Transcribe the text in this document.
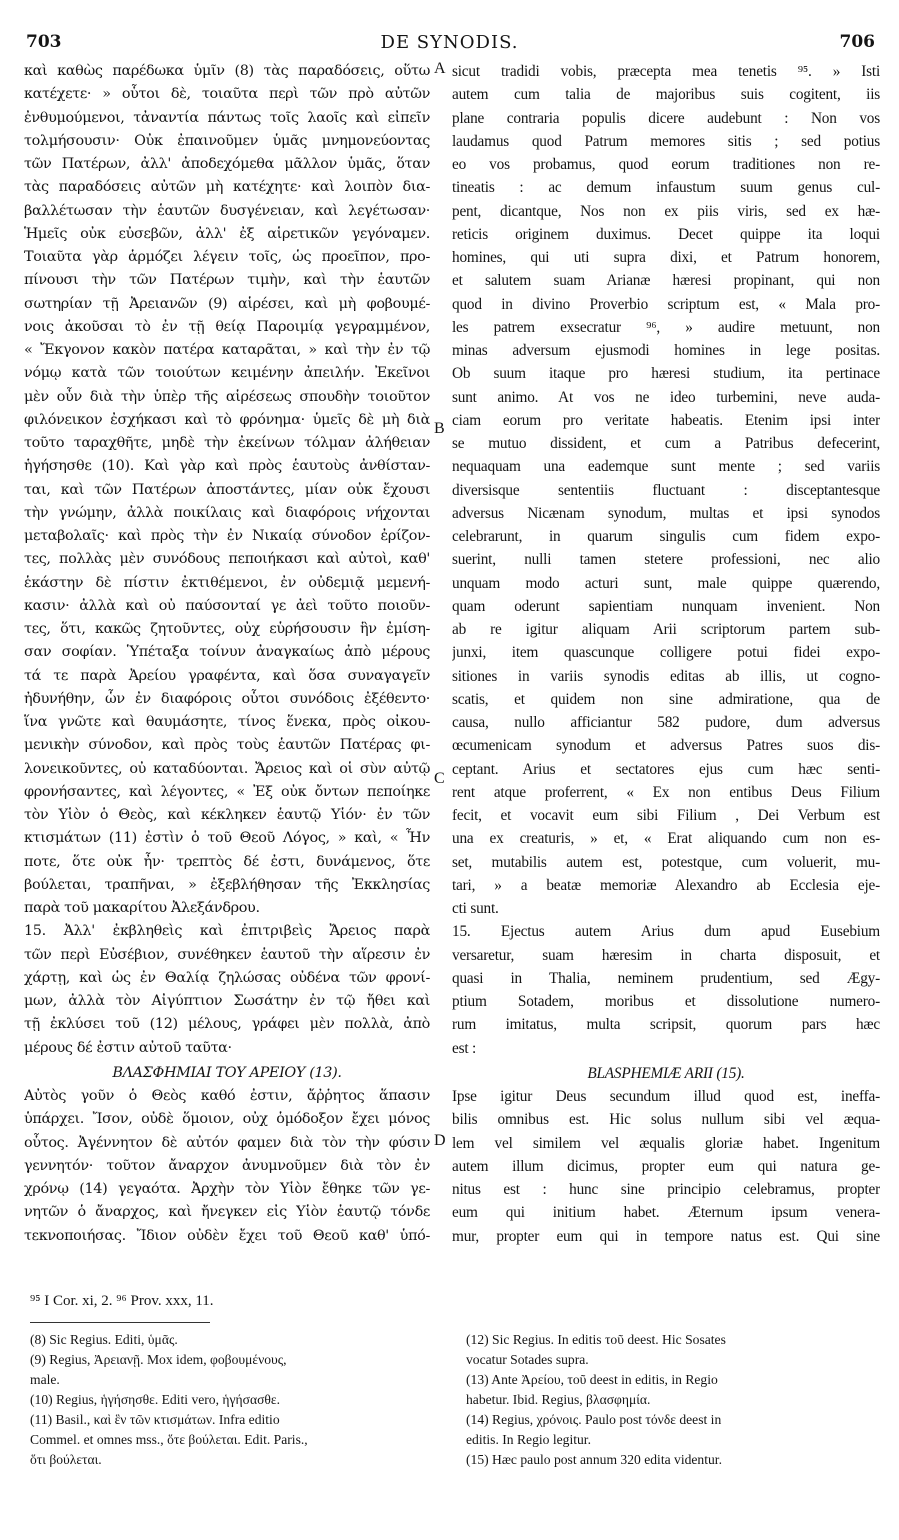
703	DE SYNODIS.	706
καὶ καθὼς παρέδωκα ὑμῖν (8) τὰς παραδόσεις, οὕτω
κατέχετε· » οὗτοι δὲ, τοιαῦτα περὶ τῶν πρὸ αὐτῶν
ἐνθυμούμενοι, τἀναντία πάντως τοῖς λαοῖς καὶ εἰπεῖν
τολμήσουσιν· Οὐκ ἐπαινοῦμεν ὑμᾶς μνημονεύοντας
τῶν Πατέρων, ἀλλ' ἀποδεχόμεθα μᾶλλον ὑμᾶς, ὅταν
τὰς παραδόσεις αὐτῶν μὴ κατέχητε· καὶ λοιπὸν δια-
βαλλέτωσαν τὴν ἑαυτῶν δυσγένειαν, καὶ λεγέτωσαν·
Ἡμεῖς οὐκ εὐσεβῶν, ἀλλ' ἐξ αἱρετικῶν γεγόναμεν.
Τοιαῦτα γὰρ ἁρμόζει λέγειν τοῖς, ὡς προεῖπον, προ-
πίνουσι τὴν τῶν Πατέρων τιμὴν, καὶ τὴν ἑαυτῶν
σωτηρίαν τῇ Ἀρειανῶν (9) αἱρέσει, καὶ μὴ φοβουμέ-
νοις ἀκοῦσαι τὸ ἐν τῇ θείᾳ Παροιμίᾳ γεγραμμένον,
« Ἔκγονον κακὸν πατέρα καταρᾶται, » καὶ τὴν ἐν τῷ
νόμῳ κατὰ τῶν τοιούτων κειμένην ἀπειλήν. Ἐκεῖνοι
μὲν οὖν διὰ τὴν ὑπὲρ τῆς αἱρέσεως σπουδὴν τοιοῦτον
φιλόνεικον ἐσχήκασι καὶ τὸ φρόνημα· ὑμεῖς δὲ μὴ διὰ
τοῦτο ταραχθῆτε, μηδὲ τὴν ἐκείνων τόλμαν ἀλήθειαν
ἡγήσησθε (10). Καὶ γὰρ καὶ πρὸς ἑαυτοὺς ἀνθίσταν-
ται, καὶ τῶν Πατέρων ἀποστάντες, μίαν οὐκ ἔχουσι
τὴν γνώμην, ἀλλὰ ποικίλαις καὶ διαφόροις νήχονται
μεταβολαῖς· καὶ πρὸς τὴν ἐν Νικαίᾳ σύνοδον ἐρίζον-
τες, πολλὰς μὲν συνόδους πεποιήκασι καὶ αὐτοὶ, καθ'
ἑκάστην δὲ πίστιν ἐκτιθέμενοι, ἐν οὐδεμιᾷ μεμενή-
κασιν· ἀλλὰ καὶ οὐ παύσονταί γε ἀεὶ τοῦτο ποιοῦν-
τες, ὅτι, κακῶς ζητοῦντες, οὐχ εὑρήσουσιν ἣν ἐμίση-
σαν σοφίαν. Ὑπέταξα τοίνυν ἀναγκαίως ἀπὸ μέρους
τά τε παρὰ Ἀρείου γραφέντα, καὶ ὅσα συναγαγεῖν
ἠδυνήθην, ὧν ἐν διαφόροις οὗτοι συνόδοις ἐξέθεντο·
ἵνα γνῶτε καὶ θαυμάσητε, τίνος ἕνεκα, πρὸς οἰκου-
μενικὴν σύνοδον, καὶ πρὸς τοὺς ἑαυτῶν Πατέρας φι-
λονεικοῦντες, οὐ καταδύονται. Ἄρειος καὶ οἱ σὺν αὐτῷ
φρονήσαντες, καὶ λέγοντες, « Ἐξ οὐκ ὄντων πεποίηκε
τὸν Υἱὸν ὁ Θεὸς, καὶ κέκληκεν ἑαυτῷ Υἱόν· ἐν τῶν
κτισμάτων (11) ἐστὶν ὁ τοῦ Θεοῦ Λόγος, » καὶ, « Ἦν
ποτε, ὅτε οὐκ ἦν· τρεπτὸς δέ ἐστι, δυνάμενος, ὅτε
βούλεται, τραπῆναι, » ἐξεβλήθησαν τῆς Ἐκκλησίας
παρὰ τοῦ μακαρίτου Ἀλεξάνδρου.
15. Ἀλλ' ἐκβληθεὶς καὶ ἐπιτριβεὶς Ἄρειος παρὰ
τῶν περὶ Εὐσέβιον, συνέθηκεν ἑαυτοῦ τὴν αἵρεσιν ἐν
χάρτῃ, καὶ ὡς ἐν Θαλίᾳ ζηλώσας οὐδένα τῶν φρονί-
μων, ἀλλὰ τὸν Αἰγύπτιον Σωσάτην ἐν τῷ ἤθει καὶ
τῇ ἐκλύσει τοῦ (12) μέλους, γράφει μὲν πολλὰ, ἀπὸ
μέρους δέ ἐστιν αὐτοῦ ταῦτα·
ΒΛΑΣΦΗΜΙΑΙ ΤΟΥ ΑΡΕΙΟΥ (13).
Αὐτὸς γοῦν ὁ Θεὸς καθό ἐστιν, ἄῤῥητος ἅπασιν
ὑπάρχει. Ἴσον, οὐδὲ ὅμοιον, οὐχ ὁμόδοξον ἔχει μόνος
οὗτος. Ἀγέννητον δὲ αὐτόν φαμεν διὰ τὸν τὴν φύσιν
γεννητόν· τοῦτον ἄναρχον ἀνυμνοῦμεν διὰ τὸν ἐν
χρόνῳ (14) γεγαότα. Ἀρχὴν τὸν Υἱὸν ἔθηκε τῶν γε-
νητῶν ὁ ἄναρχος, καὶ ἤνεγκεν εἰς Υἱὸν ἑαυτῷ τόνδε
τεκνοποιήσας. Ἴδιον οὐδὲν ἔχει τοῦ Θεοῦ καθ' ὑπό-
sicut tradidi vobis, præcepta mea tenetis ⁹⁵. » Isti
autem cum talia de majoribus suis cogitent, iis
plane contraria populis dicere audebunt : Non vos
laudamus quod Patrum memores sitis ; sed potius
eo vos probamus, quod eorum traditiones non re-
tineatis : ac demum infaustum suum genus cul-
pent, dicantque, Nos non ex piis viris, sed ex hæ-
reticis originem duximus. Decet quippe ita loqui
homines, qui uti supra dixi, et Patrum honorem,
et salutem suam Arianæ hæresi propinant, qui non
quod in divino Proverbio scriptum est, « Mala pro-
les patrem exsecratur ⁹⁶, » audire metuunt, non
minas adversum ejusmodi homines in lege positas.
Ob suum itaque pro hæresi studium, ita pertinace
sunt animo. At vos ne ideo turbemini, neve auda-
ciam eorum pro veritate habeatis. Etenim ipsi inter
se mutuo dissident, et cum a Patribus defecerint,
nequaquam una eademque sunt mente ; sed variis
diversisque sententiis fluctuant : disceptantesque
adversus Nicænam synodum, multas et ipsi synodos
celebrarunt, in quarum singulis cum fidem expo-
suerint, nulli tamen stetere professioni, nec alio
unquam modo acturi sunt, male quippe quærendo,
quam oderunt sapientiam nunquam invenient. Non
ab re igitur aliquam Arii scriptorum partem sub-
junxi, item quascunque colligere potui fidei expo-
sitiones in variis synodis editas ab illis, ut cogno-
scatis, et quidem non sine admiratione, qua de
causa, nullo afficiantur 582 pudore, dum adversus
œcumenicam synodum et adversus Patres suos dis-
ceptant. Arius et sectatores ejus cum hæc senti-
rent atque proferrent, « Ex non entibus Deus Filium
fecit, et vocavit eum sibi Filium , Dei Verbum est
una ex creaturis, » et, « Erat aliquando cum non es-
set, mutabilis autem est, potestque, cum voluerit, mu-
tari, » a beatæ memoriæ Alexandro ab Ecclesia eje-
cti sunt.
15. Ejectus autem Arius dum apud Eusebium
versaretur, suam hæresim in charta disposuit, et
quasi in Thalia, neminem prudentium, sed Ægy-
ptium Sotadem, moribus et dissolutione numero-
rum imitatus, multa scripsit, quorum pars hæc
est :
BLASPHEMIÆ ARII (15).
Ipse igitur Deus secundum illud quod est, ineffa-
bilis omnibus est. Hic solus nullum sibi vel æqua-
lem vel similem vel æqualis gloriæ habet. Ingenitum
autem illum dicimus, propter eum qui natura ge-
nitus est : hunc sine principio celebramus, propter
eum qui initium habet. Æternum ipsum venera-
mur, propter eum qui in tempore natus est. Qui sine
A
B
C
D
⁹⁵ I Cor. xi, 2. ⁹⁶ Prov. xxx, 11.
(8) Sic Regius. Editi, ὑμᾶς.
(9) Regius, Ἀρειανῇ. Mox idem, φοβουμένους,
male.
(10) Regius, ἡγήσησθε. Editi vero, ἡγήσασθε.
(11) Basil., καὶ ἓν τῶν κτισμάτων. Infra editio
Commel. et omnes mss., ὅτε βούλεται. Edit. Paris.,
ὅτι βούλεται.
(12) Sic Regius. In editis τοῦ deest. Hic Sosates
vocatur Sotades supra.
(13) Ante Ἀρείου, τοῦ deest in editis, in Regio
habetur. Ibid. Regius, βλασφημία.
(14) Regius, χρόνοις. Paulo post τόνδε deest in
editis. In Regio legitur.
(15) Hæc paulo post annum 320 edita videntur.
